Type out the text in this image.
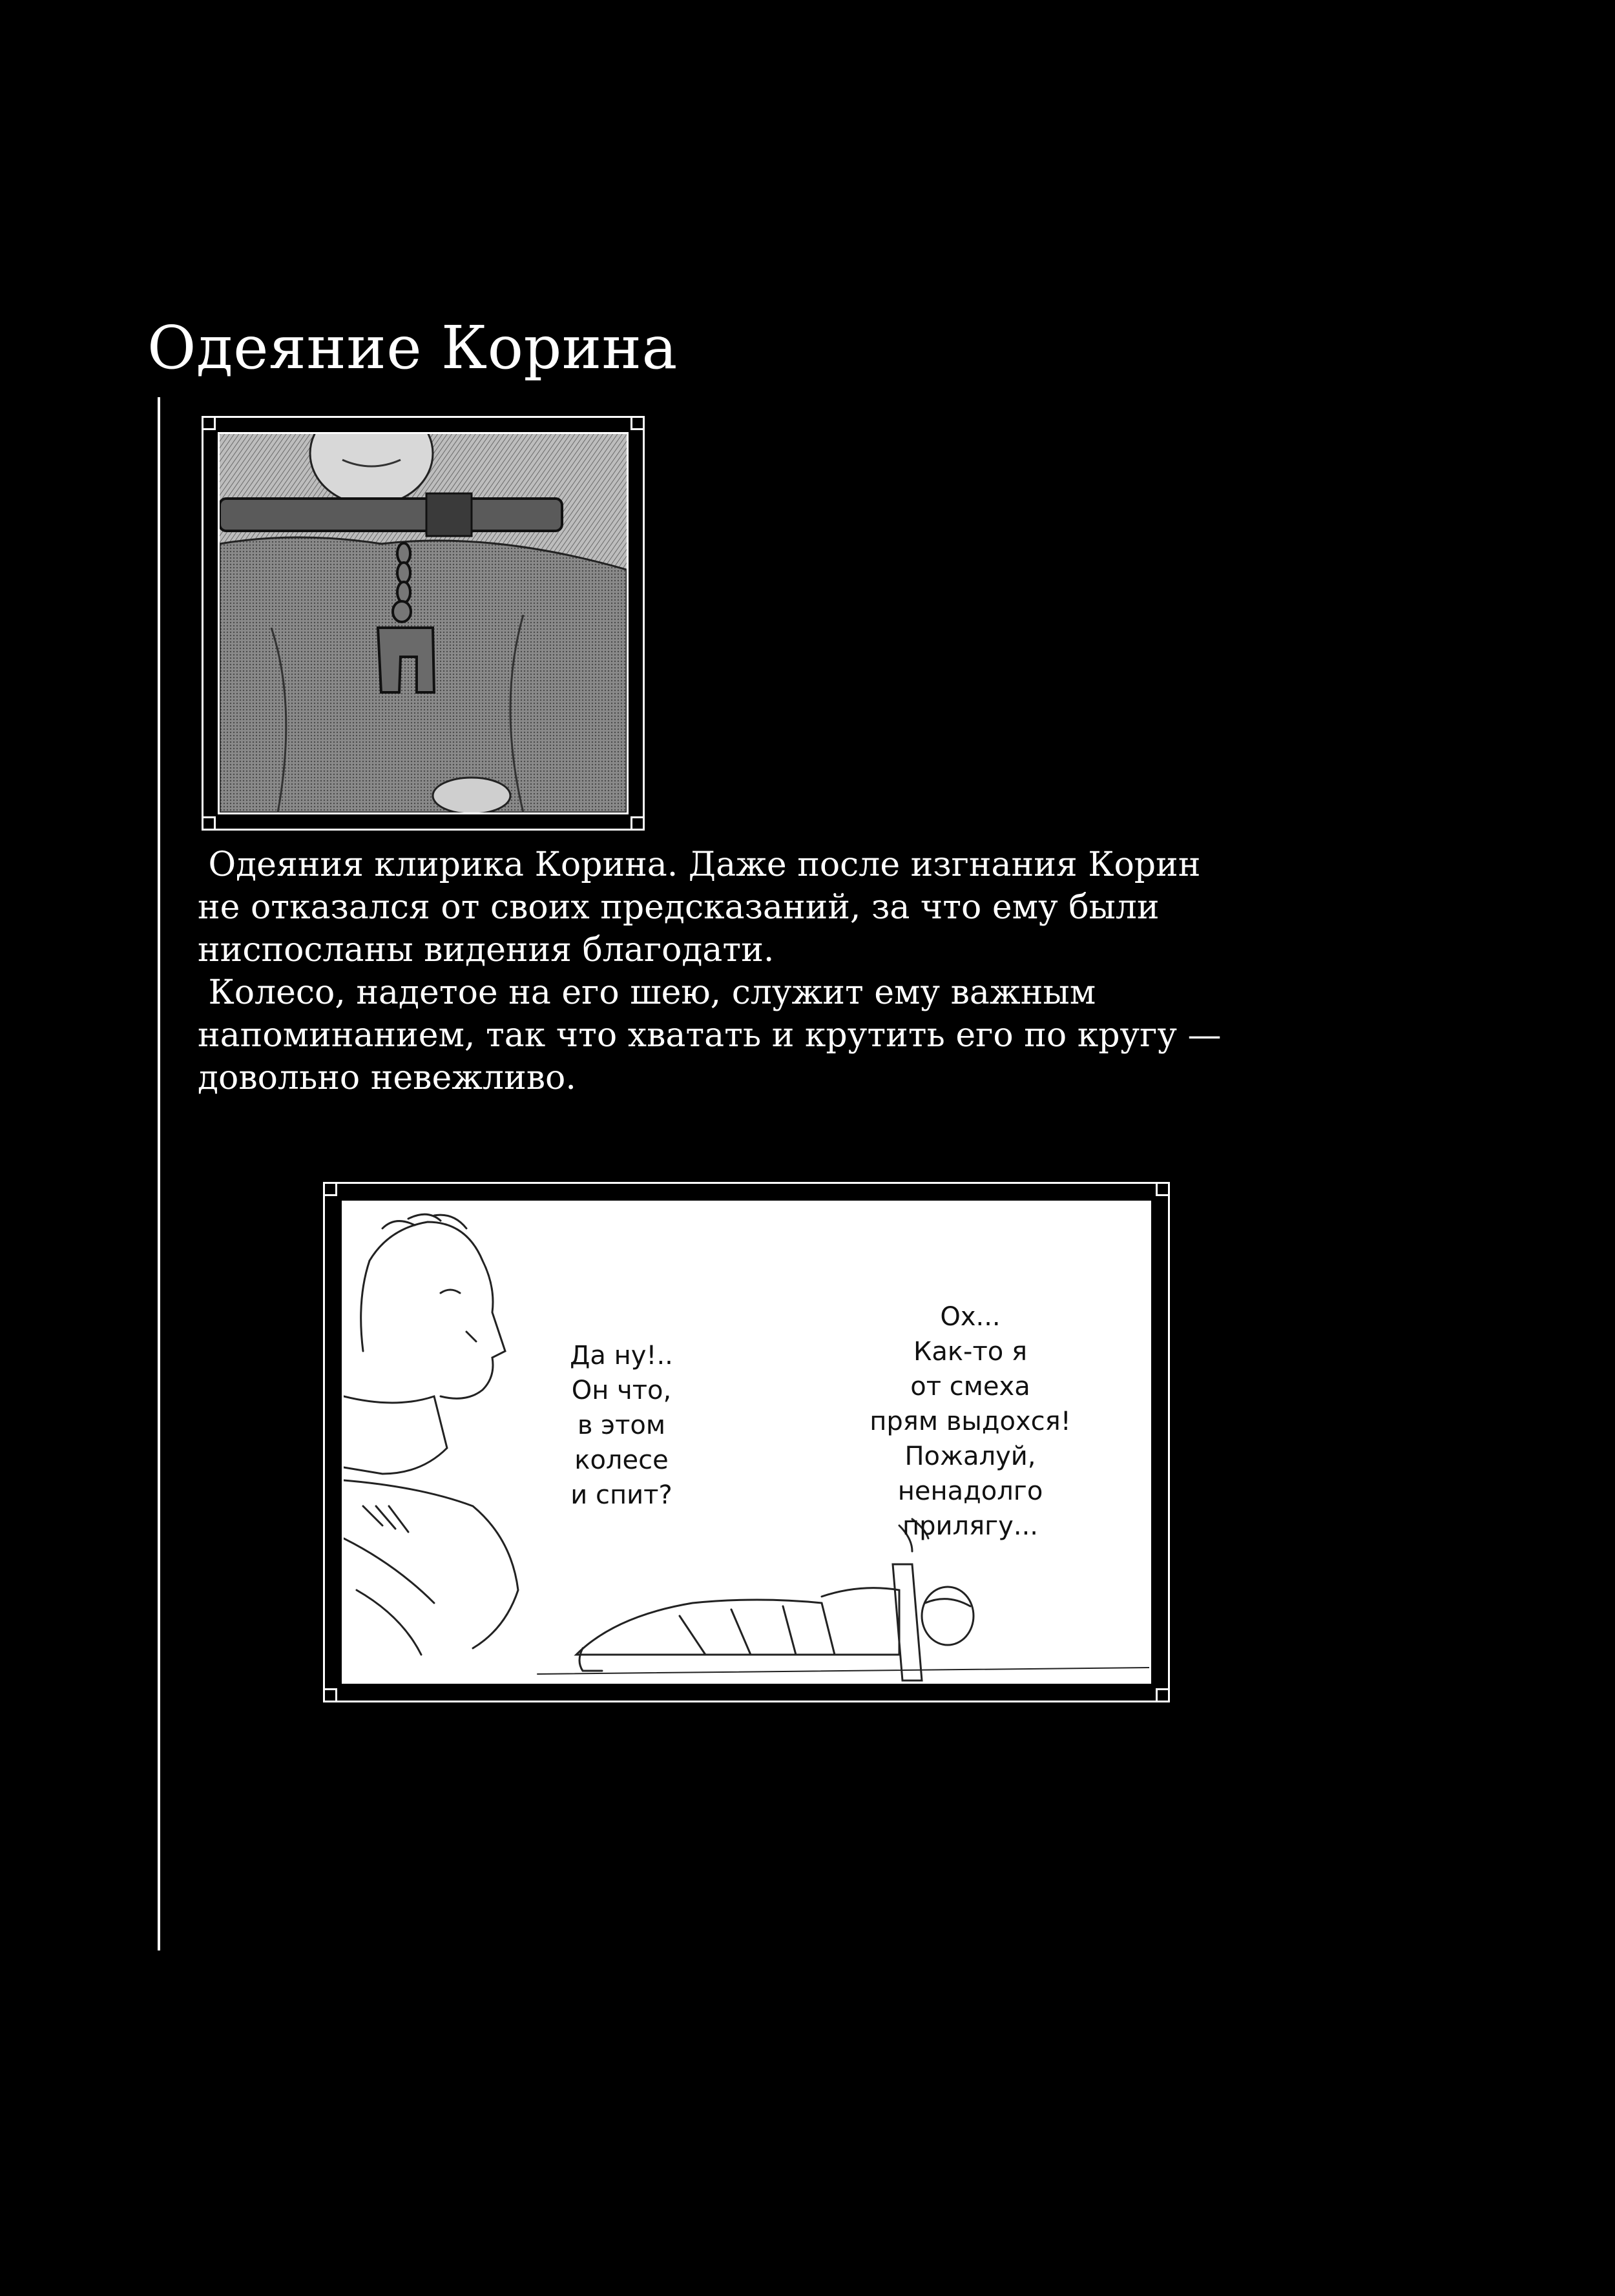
Одеяние Корина

Одеяния клирика Корина. Даже после изгнания Корин
не отказался от своих предсказаний, за что ему были
ниспосланы видения благодати.

Колесо, надетое на его шею, служит ему важным
напоминанием, так что хватать и крутить его по кругу —
довольно невежливо.

Да ну!..
Он что,
в этом
колесе
и спит?
Ох...
Как-то я
от смеха
прям выдохся!
Пожалуй,
ненадолго
прилягу...
